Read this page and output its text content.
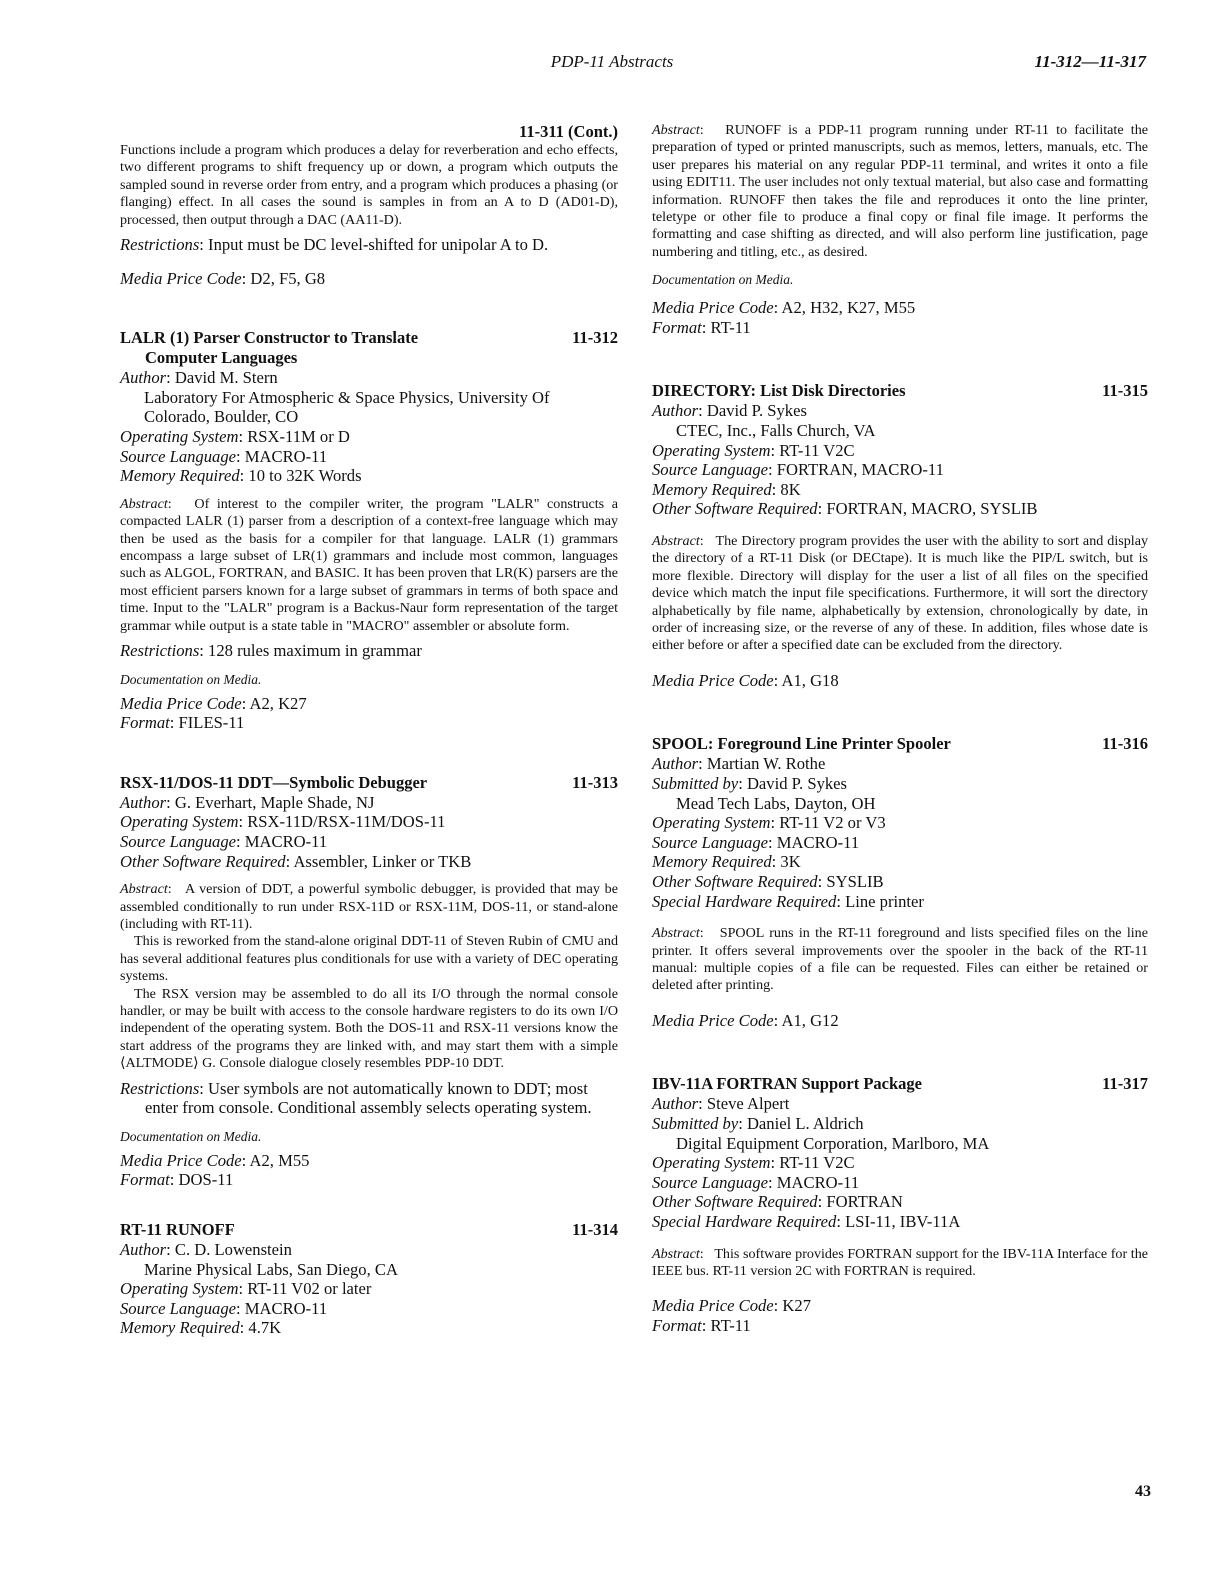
PDP-11 Abstracts	11-312—11-317

11-311 (Cont.)

Functions include a program which produces a delay for reverberation and echo effects, two different programs to shift frequency up or down, a program which outputs the sampled sound in reverse order from entry, and a program which produces a phasing (or flanging) effect. In all cases the sound is samples in from an A to D (AD01-D), processed, then output through a DAC (AA11-D).

Restrictions: Input must be DC level-shifted for unipolar A to D.

Media Price Code: D2, F5, G8

LALR (1) Parser Constructor to Translate	11-312

Computer Languages

Author: David M. Stern

Laboratory For Atmospheric & Space Physics, University Of Colorado, Boulder, CO

Operating System: RSX-11M or D

Source Language: MACRO-11

Memory Required: 10 to 32K Words

Abstract:   Of interest to the compiler writer, the program "LALR" constructs a compacted LALR (1) parser from a description of a context-free language which may then be used as the basis for a compiler for that language. LALR (1) grammars encompass a large subset of LR(1) grammars and include most common, languages such as ALGOL, FORTRAN, and BASIC. It has been proven that LR(K) parsers are the most efficient parsers known for a large subset of grammars in terms of both space and time. Input to the "LALR" program is a Backus-Naur form representation of the target grammar while output is a state table in "MACRO" assembler or absolute form.

Restrictions: 128 rules maximum in grammar

Documentation on Media.

Media Price Code: A2, K27

Format: FILES-11

RSX-11/DOS-11 DDT—Symbolic Debugger	11-313

Author: G. Everhart, Maple Shade, NJ

Operating System: RSX-11D/RSX-11M/DOS-11

Source Language: MACRO-11

Other Software Required: Assembler, Linker or TKB

Abstract:   A version of DDT, a powerful symbolic debugger, is provided that may be assembled conditionally to run under RSX-11D or RSX-11M, DOS-11, or stand-alone (including with RT-11).

This is reworked from the stand-alone original DDT-11 of Steven Rubin of CMU and has several additional features plus conditionals for use with a variety of DEC operating systems.

The RSX version may be assembled to do all its I/O through the normal console handler, or may be built with access to the console hardware registers to do its own I/O independent of the operating system. Both the DOS-11 and RSX-11 versions know the start address of the programs they are linked with, and may start them with a simple ⟨ALTMODE⟩ G. Console dialogue closely resembles PDP-10 DDT.

Restrictions: User symbols are not automatically known to DDT; most enter from console. Conditional assembly selects operating system.

Documentation on Media.

Media Price Code: A2, M55

Format: DOS-11

RT-11 RUNOFF	11-314

Author: C. D. Lowenstein

Marine Physical Labs, San Diego, CA

Operating System: RT-11 V02 or later

Source Language: MACRO-11

Memory Required: 4.7K

Abstract:   RUNOFF is a PDP-11 program running under RT-11 to facilitate the preparation of typed or printed manuscripts, such as memos, letters, manuals, etc. The user prepares his material on any regular PDP-11 terminal, and writes it onto a file using EDIT11. The user includes not only textual material, but also case and formatting information. RUNOFF then takes the file and reproduces it onto the line printer, teletype or other file to produce a final copy or final file image. It performs the formatting and case shifting as directed, and will also perform line justification, page numbering and titling, etc., as desired.

Documentation on Media.

Media Price Code: A2, H32, K27, M55

Format: RT-11

DIRECTORY: List Disk Directories	11-315

Author: David P. Sykes

CTEC, Inc., Falls Church, VA

Operating System: RT-11 V2C

Source Language: FORTRAN, MACRO-11

Memory Required: 8K

Other Software Required: FORTRAN, MACRO, SYSLIB

Abstract:   The Directory program provides the user with the ability to sort and display the directory of a RT-11 Disk (or DECtape). It is much like the PIP/L switch, but is more flexible. Directory will display for the user a list of all files on the specified device which match the input file specifications. Furthermore, it will sort the directory alphabetically by file name, alphabetically by extension, chronologically by date, in order of increasing size, or the reverse of any of these. In addition, files whose date is either before or after a specified date can be excluded from the directory.

Media Price Code: A1, G18

SPOOL: Foreground Line Printer Spooler	11-316

Author: Martian W. Rothe

Submitted by: David P. Sykes

Mead Tech Labs, Dayton, OH

Operating System: RT-11 V2 or V3

Source Language: MACRO-11

Memory Required: 3K

Other Software Required: SYSLIB

Special Hardware Required: Line printer

Abstract:   SPOOL runs in the RT-11 foreground and lists specified files on the line printer. It offers several improvements over the spooler in the back of the RT-11 manual: multiple copies of a file can be requested. Files can either be retained or deleted after printing.

Media Price Code: A1, G12

IBV-11A FORTRAN Support Package	11-317

Author: Steve Alpert

Submitted by: Daniel L. Aldrich

Digital Equipment Corporation, Marlboro, MA

Operating System: RT-11 V2C

Source Language: MACRO-11

Other Software Required: FORTRAN

Special Hardware Required: LSI-11, IBV-11A

Abstract:   This software provides FORTRAN support for the IBV-11A Interface for the IEEE bus. RT-11 version 2C with FORTRAN is required.

Media Price Code: K27

Format: RT-11

43
